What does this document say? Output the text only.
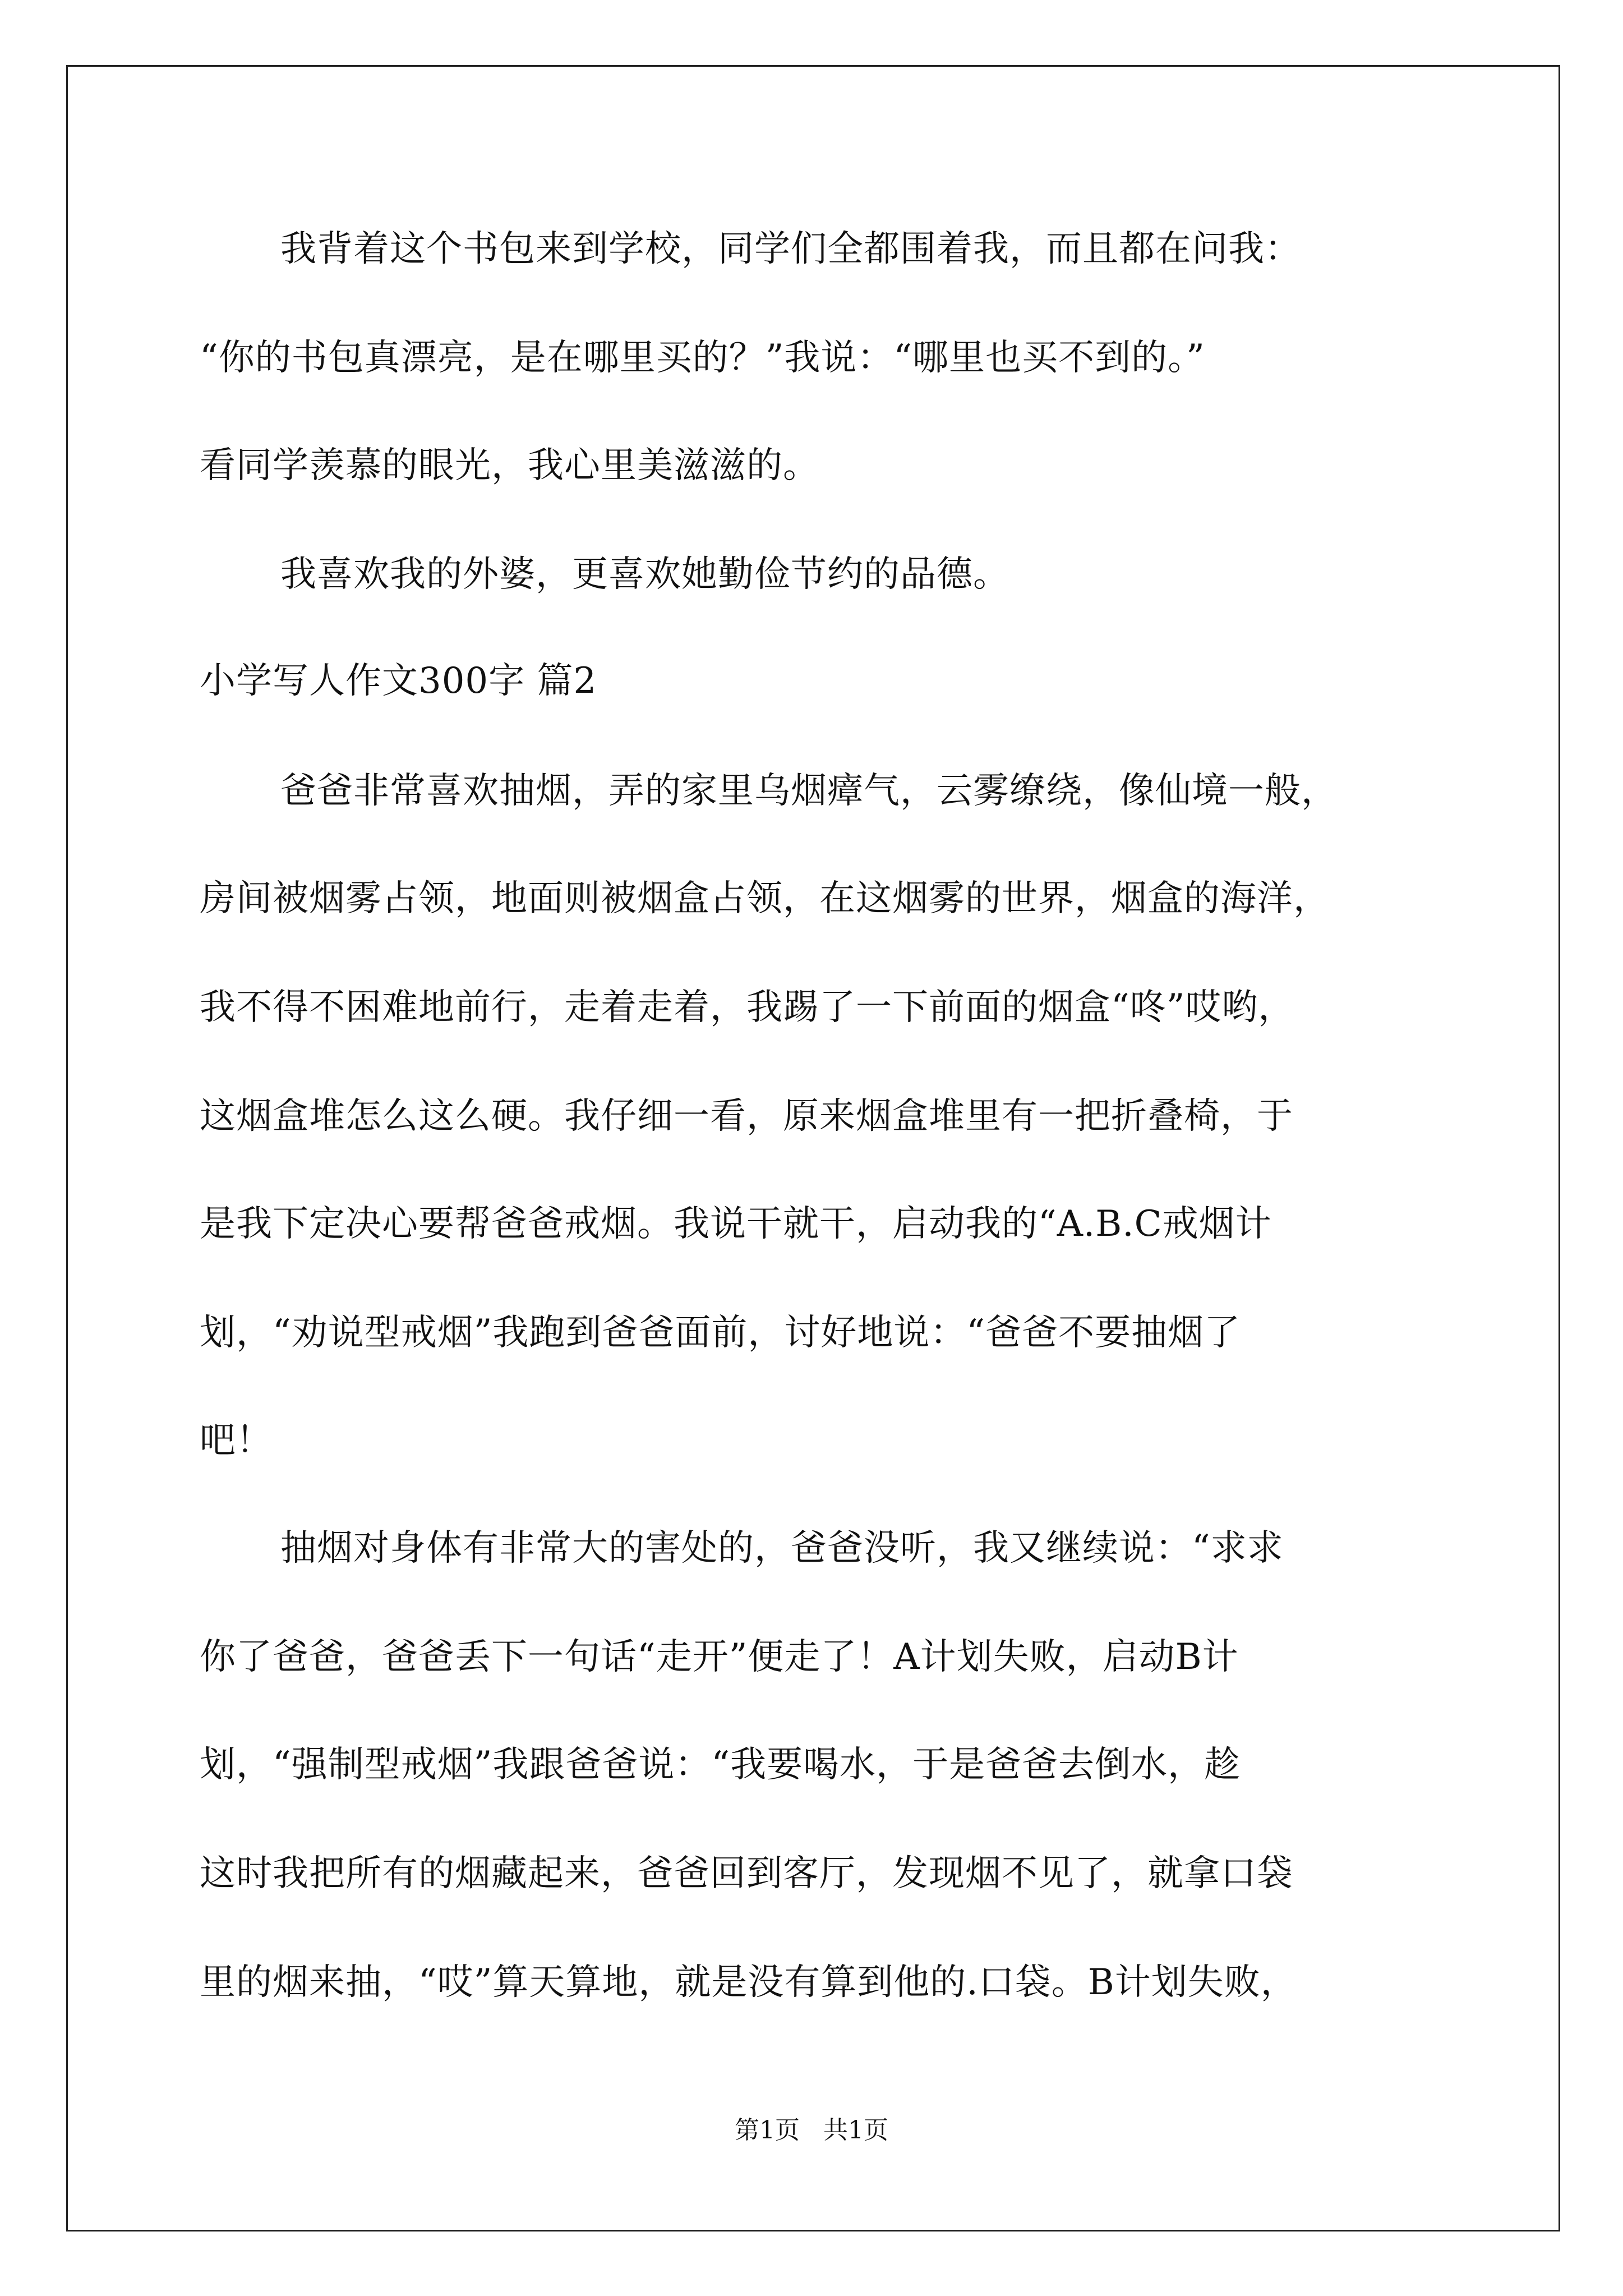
我背着这个书包来到学校，同学们全都围着我，而且都在问我：
“你的书包真漂亮，是在哪里买的？”我说：“哪里也买不到的。”
看同学羡慕的眼光，我心里美滋滋的。
我喜欢我的外婆，更喜欢她勤俭节约的品德。
小学写人作文300字 篇2
爸爸非常喜欢抽烟，弄的家里乌烟瘴气，云雾缭绕，像仙境一般，
房间被烟雾占领，地面则被烟盒占领，在这烟雾的世界，烟盒的海洋，
我不得不困难地前行，走着走着，我踢了一下前面的烟盒“咚”哎哟，
这烟盒堆怎么这么硬。我仔细一看，原来烟盒堆里有一把折叠椅，于
是我下定决心要帮爸爸戒烟。我说干就干，启动我的“A.B.C戒烟计
划，“劝说型戒烟”我跑到爸爸面前，讨好地说：“爸爸不要抽烟了
吧！
抽烟对身体有非常大的害处的，爸爸没听，我又继续说：“求求
你了爸爸，爸爸丢下一句话“走开”便走了！A计划失败，启动B计
划，“强制型戒烟”我跟爸爸说：“我要喝水，于是爸爸去倒水，趁
这时我把所有的烟藏起来，爸爸回到客厅，发现烟不见了，就拿口袋
里的烟来抽，“哎”算天算地，就是没有算到他的.口袋。B计划失败，
第1页   共1页
